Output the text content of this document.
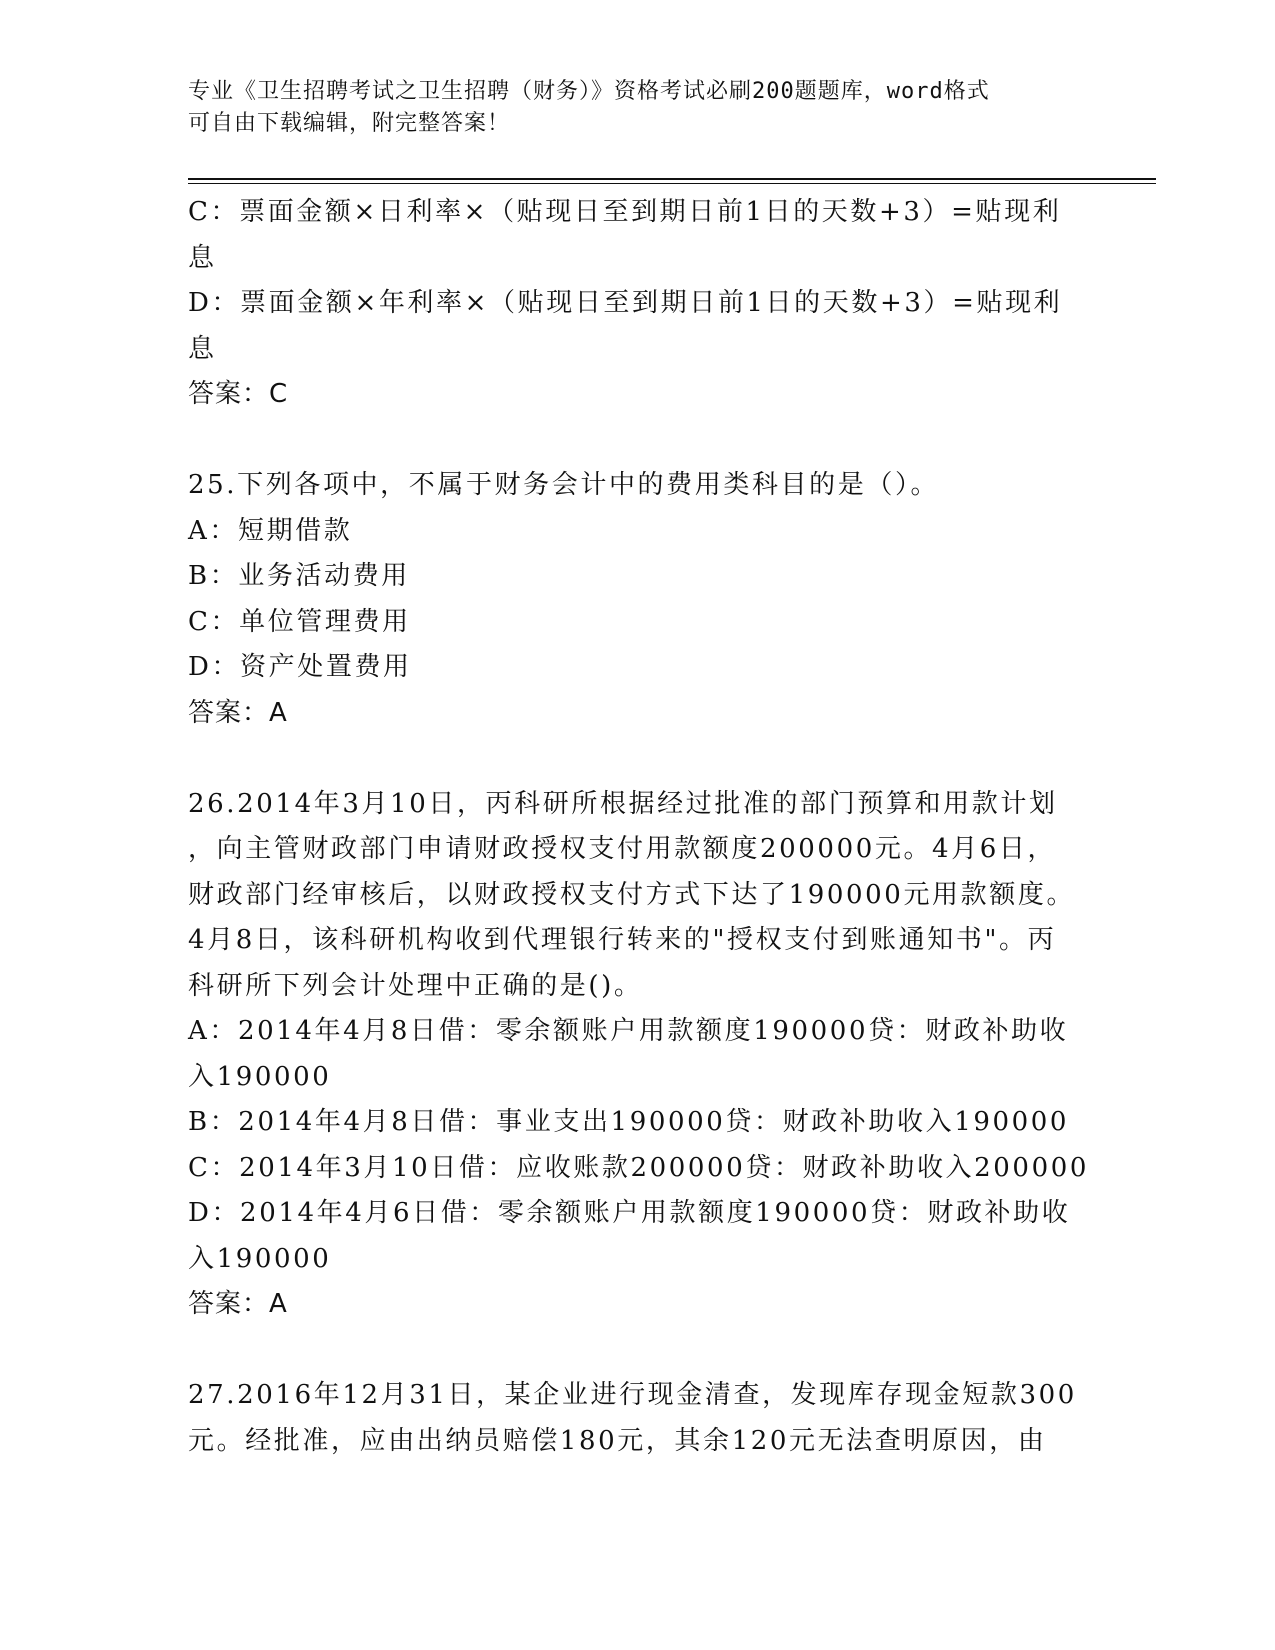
专业《卫生招聘考试之卫生招聘（财务）》资格考试必刷200题题库，word格式
可自由下载编辑，附完整答案！
C：票面金额×日利率×（贴现日至到期日前1日的天数+3）=贴现利
息
D：票面金额×年利率×（贴现日至到期日前1日的天数+3）=贴现利
息
答案：C
25.下列各项中，不属于财务会计中的费用类科目的是（）。
A：短期借款
B：业务活动费用
C：单位管理费用
D：资产处置费用
答案：A
26.2014年3月10日，丙科研所根据经过批准的部门预算和用款计划
，向主管财政部门申请财政授权支付用款额度200000元。4月6日，
财政部门经审核后，以财政授权支付方式下达了190000元用款额度。
4月8日，该科研机构收到代理银行转来的"授权支付到账通知书"。丙
科研所下列会计处理中正确的是()。
A：2014年4月8日借：零余额账户用款额度190000贷：财政补助收
入190000
B：2014年4月8日借：事业支出190000贷：财政补助收入190000
C：2014年3月10日借：应收账款200000贷：财政补助收入200000
D：2014年4月6日借：零余额账户用款额度190000贷：财政补助收
入190000
答案：A
27.2016年12月31日，某企业进行现金清查，发现库存现金短款300
元。经批准，应由出纳员赔偿180元，其余120元无法查明原因，由
